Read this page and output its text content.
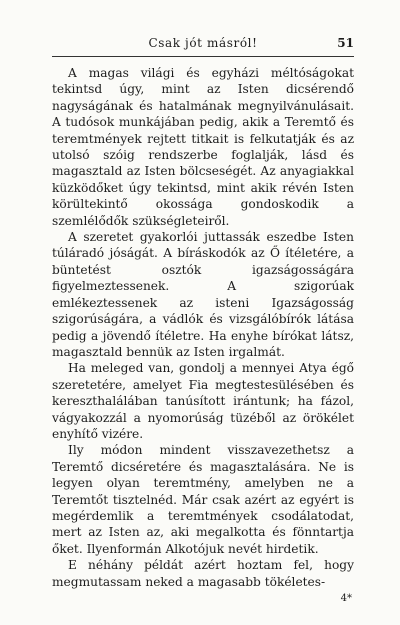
Csak jót másról!	51

A magas világi és egyházi méltóságokat tekintsd úgy, mint az Isten dicsérendő nagyságának és hatalmának megnyilvánulásait. A tudósok munkájában pedig, akik a Teremtő és teremtmények rejtett titkait is felkutatják és az utolsó szóig rendszerbe foglalják, lásd és magasztald az Isten bölcseségét. Az anyagiakkal küzködőket úgy tekintsd, mint akik révén Isten körültekintő okossága gondoskodik a szemlélődők szükségleteiről.

A szeretet gyakorlói juttassák eszedbe Isten túláradó jóságát. A bíráskodók az Ő ítéletére, a büntetést osztók igazságosságára figyelmeztessenek. A szigorúak emlékeztessenek az isteni Igazságosság szigorúságára, a vádlók és vizsgálóbírók látása pedig a jövendő ítéletre. Ha enyhe bírókat látsz, magasztald bennük az Isten irgalmát.

Ha meleged van, gondolj a mennyei Atya égő szeretetére, amelyet Fia megtestesülésében és kereszthalálában tanúsított irántunk; ha fázol, vágyakozzál a nyomorúság tüzéből az örökélet enyhítő vizére.

Ily módon mindent visszavezethetsz a Teremtő dicséretére és magasztalására. Ne is legyen olyan teremtmény, amelyben ne a Teremtőt tisztelnéd. Már csak azért az egyért is megérdemlik a teremtmények csodálatodat, mert az Isten az, aki megalkotta és fönntartja őket. Ilyenformán Alkotójuk nevét hirdetik.

E néhány példát azért hoztam fel, hogy megmutassam neked a magasabb tökéletes-

4*
